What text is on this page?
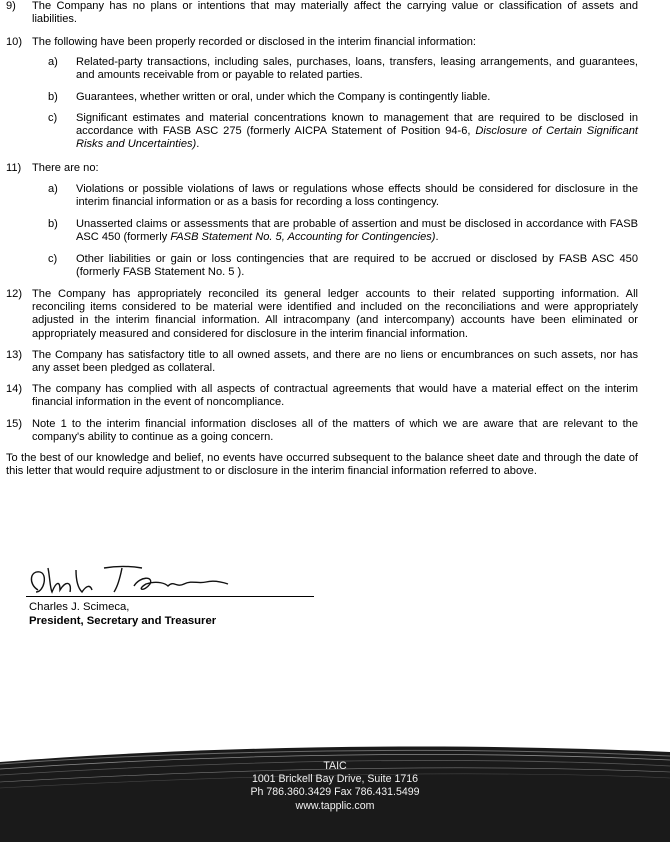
9) The Company has no plans or intentions that may materially affect the carrying value or classification of assets and liabilities.
10) The following have been properly recorded or disclosed in the interim financial information:
a) Related-party transactions, including sales, purchases, loans, transfers, leasing arrangements, and guarantees, and amounts receivable from or payable to related parties.
b) Guarantees, whether written or oral, under which the Company is contingently liable.
c) Significant estimates and material concentrations known to management that are required to be disclosed in accordance with FASB ASC 275 (formerly AICPA Statement of Position 94-6, Disclosure of Certain Significant Risks and Uncertainties).
11) There are no:
a) Violations or possible violations of laws or regulations whose effects should be considered for disclosure in the interim financial information or as a basis for recording a loss contingency.
b) Unasserted claims or assessments that are probable of assertion and must be disclosed in accordance with FASB ASC 450 (formerly FASB Statement No. 5, Accounting for Contingencies).
c) Other liabilities or gain or loss contingencies that are required to be accrued or disclosed by FASB ASC 450 (formerly FASB Statement No. 5 ).
12) The Company has appropriately reconciled its general ledger accounts to their related supporting information. All reconciling items considered to be material were identified and included on the reconciliations and were appropriately adjusted in the interim financial information. All intracompany (and intercompany) accounts have been eliminated or appropriately measured and considered for disclosure in the interim financial information.
13) The Company has satisfactory title to all owned assets, and there are no liens or encumbrances on such assets, nor has any asset been pledged as collateral.
14) The company has complied with all aspects of contractual agreements that would have a material effect on the interim financial information in the event of noncompliance.
15) Note 1 to the interim financial information discloses all of the matters of which we are aware that are relevant to the company's ability to continue as a going concern.
To the best of our knowledge and belief, no events have occurred subsequent to the balance sheet date and through the date of this letter that would require adjustment to or disclosure in the interim financial information referred to above.
Charles J. Scimeca,
President, Secretary and Treasurer
TAIC
1001 Brickell Bay Drive, Suite 1716
Ph 786.360.3429 Fax 786.431.5499
www.tapplic.com
